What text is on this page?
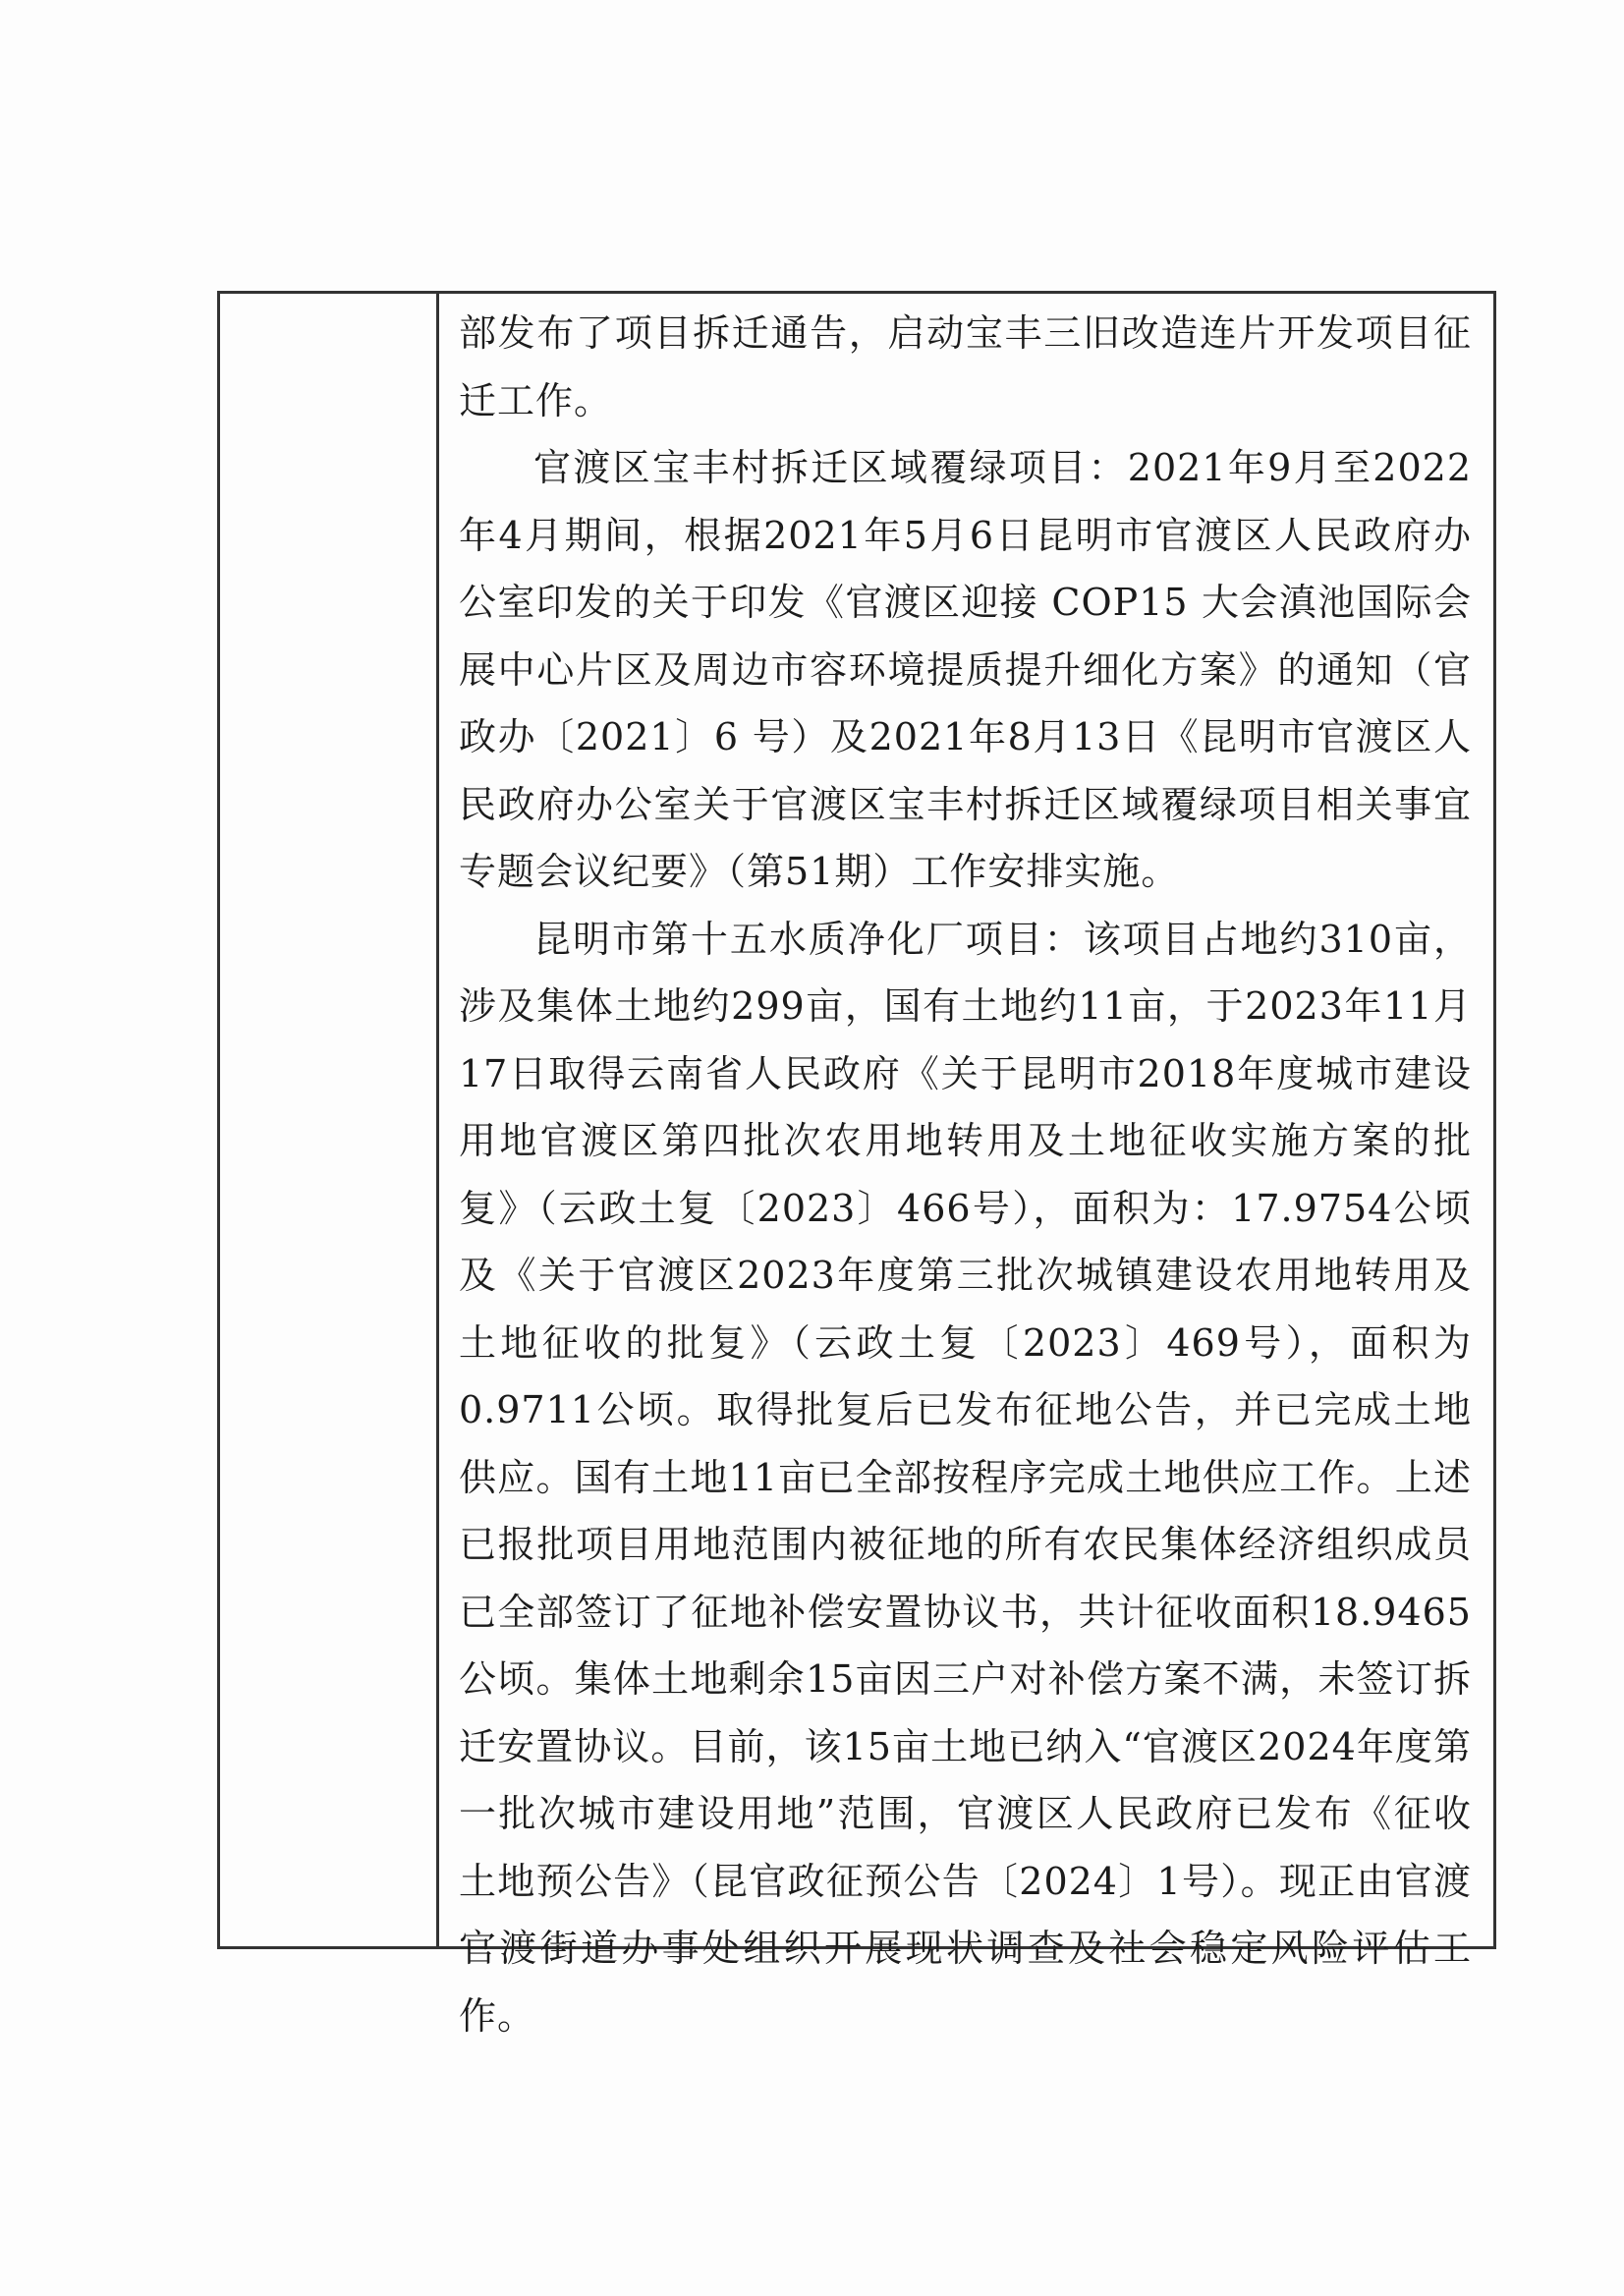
部发布了项目拆迁通告，启动宝丰三旧改造连片开发项目征迁工作。

官渡区宝丰村拆迁区域覆绿项目：2021年9月至2022年4月期间，根据2021年5月6日昆明市官渡区人民政府办公室印发的关于印发《官渡区迎接 COP15 大会滇池国际会展中心片区及周边市容环境提质提升细化方案》的通知（官政办〔2021〕6 号）及2021年8月13日《昆明市官渡区人民政府办公室关于官渡区宝丰村拆迁区域覆绿项目相关事宜专题会议纪要》（第51期）工作安排实施。

昆明市第十五水质净化厂项目：该项目占地约310亩，涉及集体土地约299亩，国有土地约11亩，于2023年11月17日取得云南省人民政府《关于昆明市2018年度城市建设用地官渡区第四批次农用地转用及土地征收实施方案的批复》（云政土复〔2023〕466号），面积为：17.9754公顷及《关于官渡区2023年度第三批次城镇建设农用地转用及土地征收的批复》（云政土复〔2023〕469号），面积为0.9711公顷。取得批复后已发布征地公告，并已完成土地供应。国有土地11亩已全部按程序完成土地供应工作。上述已报批项目用地范围内被征地的所有农民集体经济组织成员已全部签订了征地补偿安置协议书，共计征收面积18.9465公顷。集体土地剩余15亩因三户对补偿方案不满，未签订拆迁安置协议。目前，该15亩土地已纳入“官渡区2024年度第一批次城市建设用地”范围，官渡区人民政府已发布《征收土地预公告》（昆官政征预公告〔2024〕1号）。现正由官渡官渡街道办事处组织开展现状调查及社会稳定风险评估工作。
